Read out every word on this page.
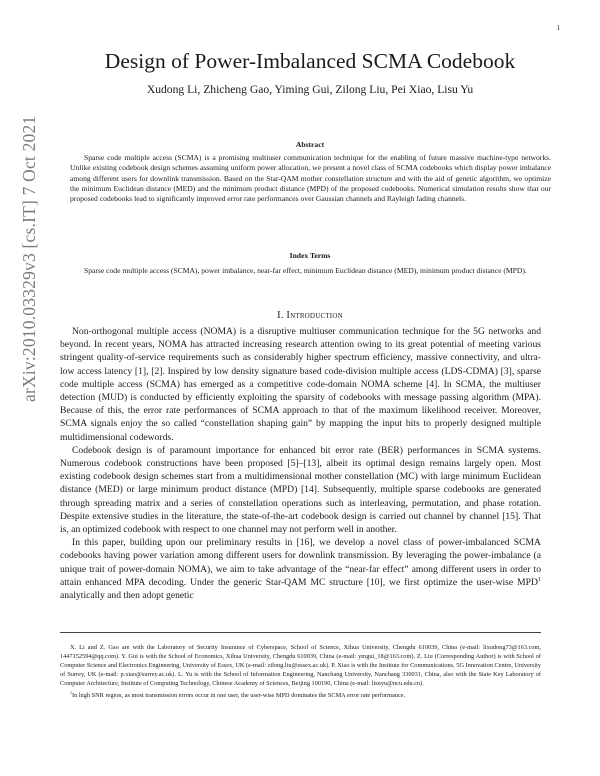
1
arXiv:2010.03329v3 [cs.IT] 7 Oct 2021
Design of Power-Imbalanced SCMA Codebook
Xudong Li, Zhicheng Gao, Yiming Gui, Zilong Liu, Pei Xiao, Lisu Yu
Abstract
Sparse code multiple access (SCMA) is a promising multiuser communication technique for the enabling of future massive machine-type networks. Unlike existing codebook design schemes assuming uniform power allocation, we present a novel class of SCMA codebooks which display power imbalance among different users for downlink transmission. Based on the Star-QAM mother constellation structure and with the aid of genetic algorithm, we optimize the minimum Euclidean distance (MED) and the minimum product distance (MPD) of the proposed codebooks. Numerical simulation results show that our proposed codebooks lead to significantly improved error rate performances over Gaussian channels and Rayleigh fading channels.
Index Terms
Sparse code multiple access (SCMA), power imbalance, near-far effect, minimum Euclidean distance (MED), minimum product distance (MPD).
I. Introduction

Non-orthogonal multiple access (NOMA) is a disruptive multiuser communication technique for the 5G networks and beyond. In recent years, NOMA has attracted increasing research attention owing to its great potential of meeting various stringent quality-of-service requirements such as considerably higher spectrum efficiency, massive connectivity, and ultra-low access latency [1], [2]. Inspired by low density signature based code-division multiple access (LDS-CDMA) [3], sparse code multiple access (SCMA) has emerged as a competitive code-domain NOMA scheme [4]. In SCMA, the multiuser detection (MUD) is conducted by efficiently exploiting the sparsity of codebooks with message passing algorithm (MPA). Because of this, the error rate performances of SCMA approach to that of the maximum likelihood receiver. Moreover, SCMA signals enjoy the so called “constellation shaping gain” by mapping the input bits to properly designed multiple multidimensional codewords.

Codebook design is of paramount importance for enhanced bit error rate (BER) performances in SCMA systems. Numerous codebook constructions have been proposed [5]–[13], albeit its optimal design remains largely open. Most existing codebook design schemes start from a multidimensional mother constellation (MC) with large minimum Euclidean distance (MED) or large minimum product distance (MPD) [14]. Subsequently, multiple sparse codebooks are generated through spreading matrix and a series of constellation operations such as interleaving, permutation, and phase rotation. Despite extensive studies in the literature, the state-of-the-art codebook design is carried out channel by channel [15]. That is, an optimized codebook with respect to one channel may not perform well in another.

In this paper, building upon our preliminary results in [16], we develop a novel class of power-imbalanced SCMA codebooks having power variation among different users for downlink transmission. By leveraging the power-imbalance (a unique trait of power-domain NOMA), we aim to take advantage of the “near-far effect” among different users in order to attain enhanced MPA decoding. Under the generic Star-QAM MC structure [10], we first optimize the user-wise MPD$^1$ analytically and then adopt genetic

X. Li and Z. Gao are with the Laboratory of Security Insurance of Cyberspace, School of Science, Xihua University, Chengdu 610039, China (e-mail: lixudong73@163.com, 1447152594@qq.com). Y. Gui is with the School of Economics, Xihua University, Chengdu 610039, China (e-mail: ymgui_18@163.com). Z. Liu (Corresponding Author) is with School of Computer Science and Electronics Engineering, University of Essex, UK (e-mail: zilong.liu@essex.ac.uk). P. Xiao is with the Institute for Communications, 5G Innovation Centre, University of Surrey, UK (e-mail: p.xiao@surrey.ac.uk). L. Yu is with the School of Information Engineering, Nanchang University, Nanchang 330031, China, also with the State Key Laboratory of Computer Architecture, Institute of Computing Technology, Chinese Academy of Sciences, Beijing 100190, China (e-mail: lisuyu@ncu.edu.cn).

$^1$In high SNR region, as most transmission errors occur in one user, the user-wise MPD dominates the SCMA error rate performance.
